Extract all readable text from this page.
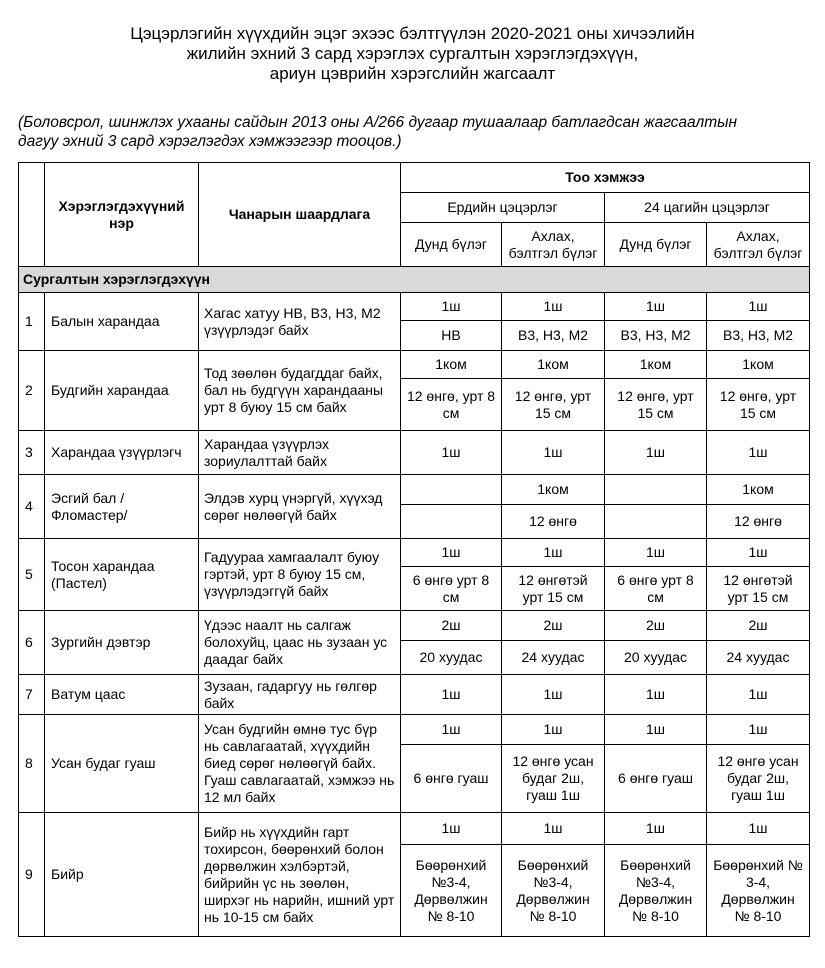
Цэцэрлэгийн хүүхдийн эцэг эхээс бэлтгүүлэн 2020-2021 оны хичээлийн
жилийн эхний 3 сард хэрэглэх сургалтын хэрэглэгдэхүүн,
ариун цэврийн хэрэгслийн жагсаалт
(Боловсрол, шинжлэх ухааны сайдын 2013 оны А/266 дугаар тушаалаар батлагдсан жагсаалтын
дагуу эхний 3 сард хэрэглэгдэх хэмжээгээр тооцов.)
	Хэрэглэгдэхүүний нэр	Чанарын шаардлага	Тоо хэмжээ			
			Ердийн цэцэрлэг		24 цагийн цэцэрлэг	
			Дунд бүлэг	Ахлах, бэлтгэл бүлэг	Дунд бүлэг	Ахлах, бэлтгэл бүлэг
Сургалтын хэрэглэгдэхүүн						
1	Балын харандаа	Хагас хатуу НВ, В3, Н3, М2 үзүүрлэдэг байх	1ш	1ш	1ш	1ш
			НВ	В3, Н3, М2	В3, Н3, М2	В3, Н3, М2
2	Будгийн харандаа	Тод зөөлөн будагддаг байх, бал нь будгүүн харандааны урт 8 буюу 15 см байх	1ком	1ком	1ком	1ком
			12 өнгө, урт 8 см	12 өнгө, урт 15 см	12 өнгө, урт 15 см	12 өнгө, урт 15 см
3	Харандаа үзүүрлэгч	Харандаа үзүүрлэх зориулалттай байх	1ш	1ш	1ш	1ш
4	Эсгий бал /Фломастер/	Элдэв хурц үнэргүй, хүүхэд сөрөг нөлөөгүй байх		1ком		1ком
				12 өнгө		12 өнгө
5	Тосон харандаа (Пастел)	Гадуураа хамгаалалт буюу гэртэй, урт 8 буюу 15 см, үзүүрлэдэггүй байх	1ш	1ш	1ш	1ш
			6 өнгө урт 8 см	12 өнгөтэй урт 15 см	6 өнгө урт 8 см	12 өнгөтэй урт 15 см
6	Зургийн дэвтэр	Үдээс наалт нь салгаж болохуйц, цаас нь зузаан ус даадаг байх	2ш	2ш	2ш	2ш
			20 хуудас	24 хуудас	20 хуудас	24 хуудас
7	Ватум цаас	Зузаан, гадаргуу нь гөлгөр байх	1ш	1ш	1ш	1ш
8	Усан будаг гуаш	Усан будгийн өмнө тус бүр нь савлагаатай, хүүхдийн биед сөрөг нөлөөгүй байх. Гуаш савлагаатай, хэмжээ нь 12 мл байх	1ш	1ш	1ш	1ш
			6 өнгө гуаш	12 өнгө усан будаг 2ш, гуаш 1ш	6 өнгө гуаш	12 өнгө усан будаг 2ш, гуаш 1ш
9	Бийр	Бийр нь хүүхдийн гарт тохирсон, бөөрөнхий болон дөрвөлжин хэлбэртэй, бийрийн үс нь зөөлөн, ширхэг нь нарийн, ишний урт нь 10-15 см байх	1ш	1ш	1ш	1ш
			Бөөрөнхий №3-4, Дөрвөлжин № 8-10	Бөөрөнхий №3-4, Дөрвөлжин № 8-10	Бөөрөнхий №3-4, Дөрвөлжин № 8-10	Бөөрөнхий № 3-4, Дөрвөлжин № 8-10
